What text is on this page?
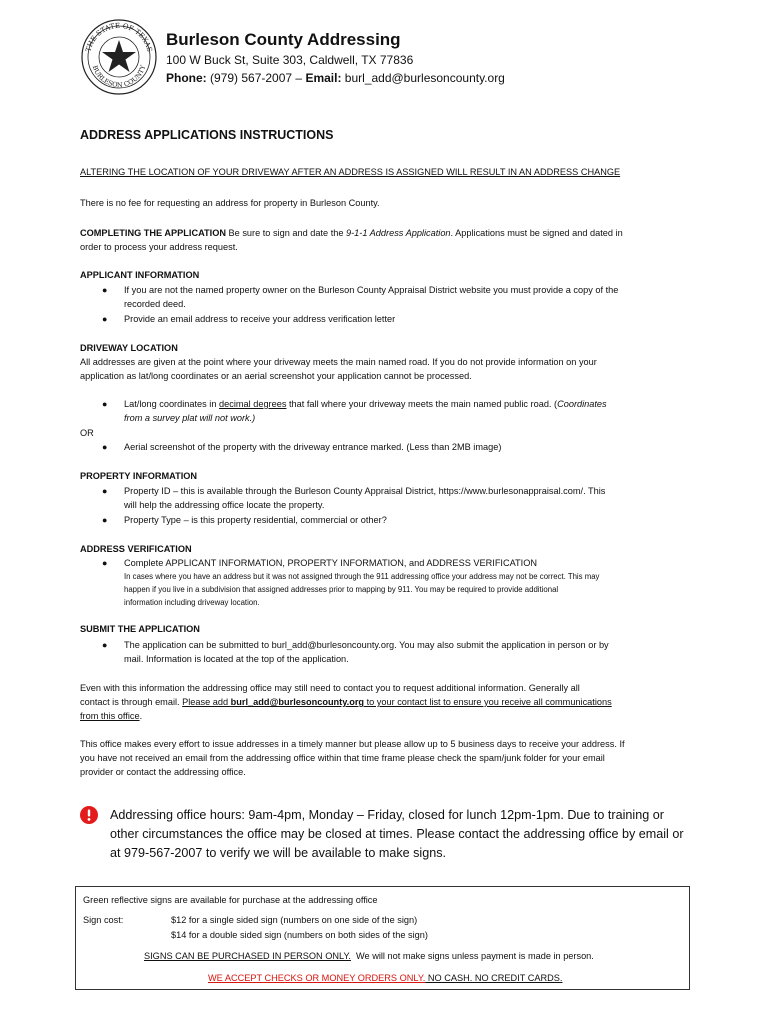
THE STATE OF TEXAS
BURLESON COUNTY
Burleson County Addressing
100 W Buck St, Suite 303, Caldwell, TX 77836
Phone: (979) 567-2007 – Email: burl_add@burlesoncounty.org
ADDRESS APPLICATIONS INSTRUCTIONS
ALTERING THE LOCATION OF YOUR DRIVEWAY AFTER AN ADDRESS IS ASSIGNED WILL RESULT IN AN ADDRESS CHANGE
There is no fee for requesting an address for property in Burleson County.
COMPLETING THE APPLICATION Be sure to sign and date the 9-1-1 Address Application. Applications must be signed and dated in
order to process your address request.
APPLICANT INFORMATION
● If you are not the named property owner on the Burleson County Appraisal District website you must provide a copy of the
recorded deed.
● Provide an email address to receive your address verification letter
DRIVEWAY LOCATION
All addresses are given at the point where your driveway meets the main named road. If you do not provide information on your
application as lat/long coordinates or an aerial screenshot your application cannot be processed.
● Lat/long coordinates in decimal degrees that fall where your driveway meets the main named public road. (Coordinates
from a survey plat will not work.)
OR
● Aerial screenshot of the property with the driveway entrance marked. (Less than 2MB image)
PROPERTY INFORMATION
● Property ID – this is available through the Burleson County Appraisal District, https://www.burlesonappraisal.com/. This
will help the addressing office locate the property.
● Property Type – is this property residential, commercial or other?
ADDRESS VERIFICATION
● Complete APPLICANT INFORMATION, PROPERTY INFORMATION, and ADDRESS VERIFICATION
In cases where you have an address but it was not assigned through the 911 addressing office your address may not be correct. This may
happen if you live in a subdivision that assigned addresses prior to mapping by 911. You may be required to provide additional
information including driveway location.
SUBMIT THE APPLICATION
● The application can be submitted to burl_add@burlesoncounty.org. You may also submit the application in person or by
mail. Information is located at the top of the application.
Even with this information the addressing office may still need to contact you to request additional information. Generally all
contact is through email. Please add burl_add@burlesoncounty.org to your contact list to ensure you receive all communications
from this office.
This office makes every effort to issue addresses in a timely manner but please allow up to 5 business days to receive your address. If
you have not received an email from the addressing office within that time frame please check the spam/junk folder for your email
provider or contact the addressing office.
Addressing office hours: 9am-4pm, Monday – Friday, closed for lunch 12pm-1pm. Due to training or
other circumstances the office may be closed at times. Please contact the addressing office by email or
at 979-567-2007 to verify we will be available to make signs.
Green reflective signs are available for purchase at the addressing office
Sign cost:	$12 for a single sided sign (numbers on one side of the sign)
$14 for a double sided sign (numbers on both sides of the sign)
SIGNS CAN BE PURCHASED IN PERSON ONLY.  We will not make signs unless payment is made in person.
WE ACCEPT CHECKS OR MONEY ORDERS ONLY. NO CASH. NO CREDIT CARDS.
